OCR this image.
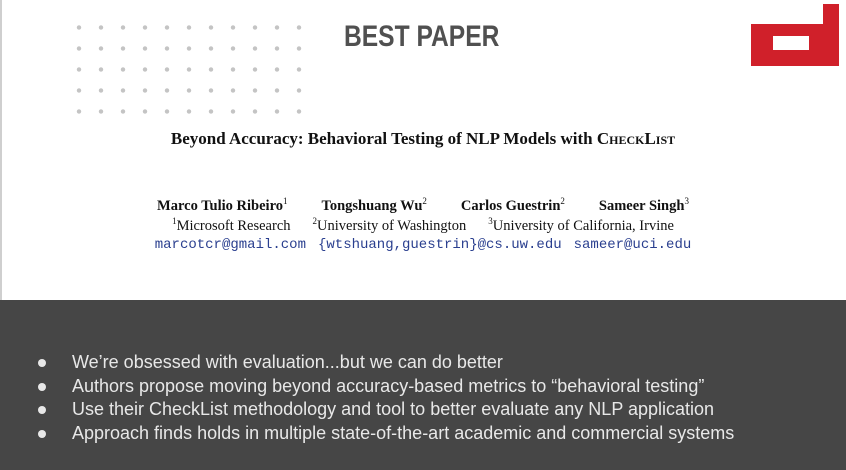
BEST PAPER
Beyond Accuracy: Behavioral Testing of NLP Models with CheckList
Marco Tulio Ribeiro$^1$ Tongshuang Wu$^2$ Carlos Guestrin$^2$ Sameer Singh$^3$
$^1$Microsoft Research $^2$University of Washington $^3$University of California, Irvine
marcotcr@gmail.com {wtshuang,guestrin}@cs.uw.edu sameer@uci.edu
We’re obsessed with evaluation...but we can do better
Authors propose moving beyond accuracy-based metrics to “behavioral testing”
Use their CheckList methodology and tool to better evaluate any NLP application
Approach finds holds in multiple state-of-the-art academic and commercial systems
